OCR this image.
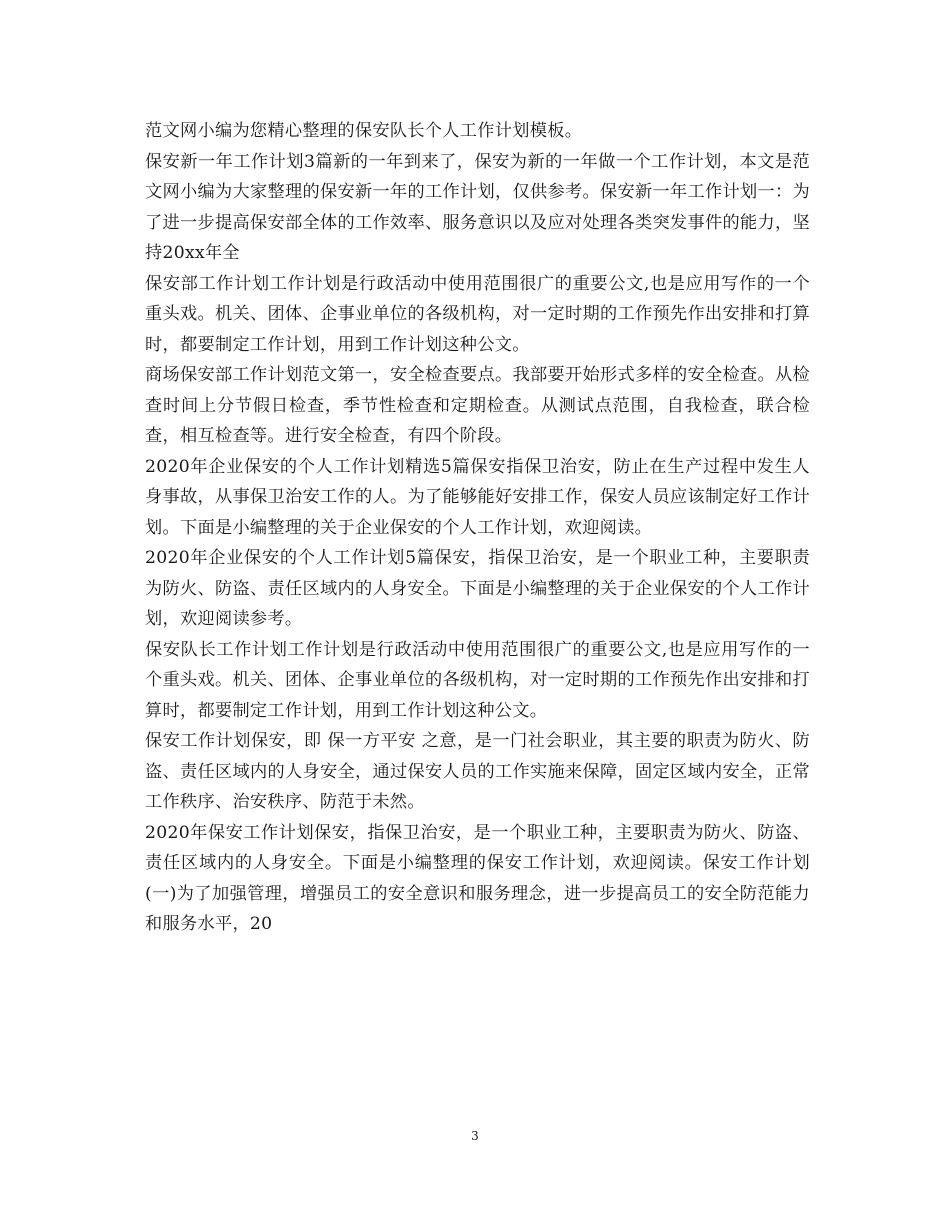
范文网小编为您精心整理的保安队长个人工作计划模板。

保安新一年工作计划3篇新的一年到来了，保安为新的一年做一个工作计划，本文是范文网小编为大家整理的保安新一年的工作计划，仅供参考。保安新一年工作计划一：为了进一步提高保安部全体的工作效率、服务意识以及应对处理各类突发事件的能力，坚持20xx年全

保安部工作计划工作计划是行政活动中使用范围很广的重要公文,也是应用写作的一个重头戏。机关、团体、企事业单位的各级机构，对一定时期的工作预先作出安排和打算时，都要制定工作计划，用到工作计划这种公文。

商场保安部工作计划范文第一，安全检查要点。我部要开始形式多样的安全检查。从检查时间上分节假日检查，季节性检查和定期检查。从测试点范围，自我检查，联合检查，相互检查等。进行安全检查，有四个阶段。

2020年企业保安的个人工作计划精选5篇保安指保卫治安，防止在生产过程中发生人身事故，从事保卫治安工作的人。为了能够能好安排工作，保安人员应该制定好工作计划。下面是小编整理的关于企业保安的个人工作计划，欢迎阅读。

2020年企业保安的个人工作计划5篇保安，指保卫治安，是一个职业工种，主要职责为防火、防盗、责任区域内的人身安全。下面是小编整理的关于企业保安的个人工作计划，欢迎阅读参考。

保安队长工作计划工作计划是行政活动中使用范围很广的重要公文,也是应用写作的一个重头戏。机关、团体、企事业单位的各级机构，对一定时期的工作预先作出安排和打算时，都要制定工作计划，用到工作计划这种公文。

保安工作计划保安，即 保一方平安 之意，是一门社会职业，其主要的职责为防火、防盗、责任区域内的人身安全，通过保安人员的工作实施来保障，固定区域内安全，正常工作秩序、治安秩序、防范于未然。

2020年保安工作计划保安，指保卫治安，是一个职业工种，主要职责为防火、防盗、责任区域内的人身安全。下面是小编整理的保安工作计划，欢迎阅读。保安工作计划(一)为了加强管理，增强员工的安全意识和服务理念，进一步提高员工的安全防范能力和服务水平，20

3
